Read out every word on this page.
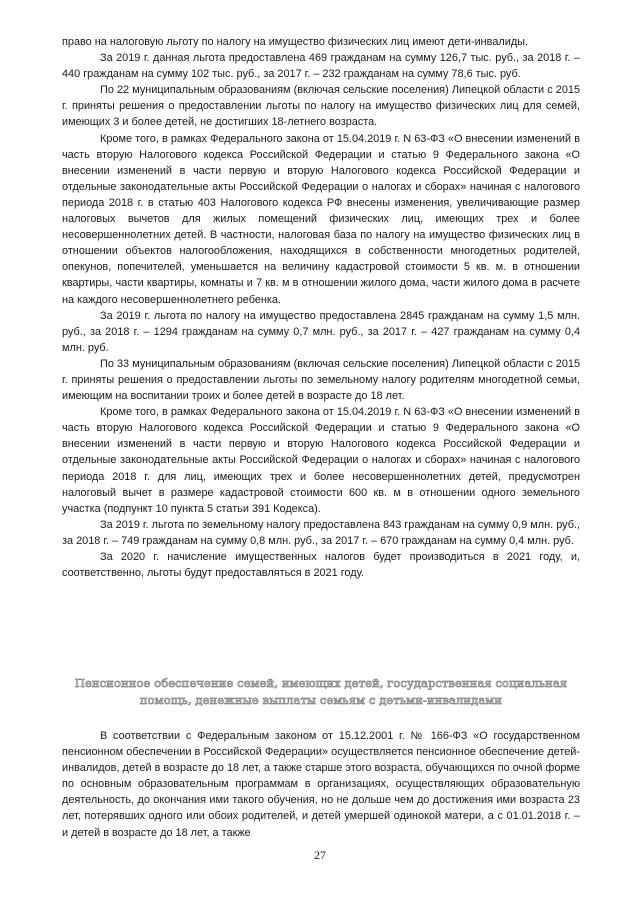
право на налоговую льготу по налогу на имущество физических лиц имеют дети-инвалиды.

За 2019 г. данная льгота предоставлена 469 гражданам на сумму 126,7 тыс. руб., за 2018 г. – 440 гражданам на сумму 102 тыс. руб., за 2017 г. – 232 гражданам на сумму 78,6 тыс. руб.

По 22 муниципальным образованиям (включая сельские поселения) Липецкой области с 2015 г. приняты решения о предоставлении льготы по налогу на имущество физических лиц для семей, имеющих 3 и более детей, не достигших 18-летнего возраста.

Кроме того, в рамках Федерального закона от 15.04.2019 г. N 63-ФЗ «О внесении изменений в часть вторую Налогового кодекса Российской Федерации и статью 9 Федерального закона «О внесении изменений в части первую и вторую Налогового кодекса Российской Федерации и отдельные законодательные акты Российской Федерации о налогах и сборах» начиная с налогового периода 2018 г. в статью 403 Налогового кодекса РФ внесены изменения, увеличивающие размер налоговых вычетов для жилых помещений физических лиц, имеющих трех и более несовершеннолетних детей. В частности, налоговая база по налогу на имущество физических лиц в отношении объектов налогообложения, находящихся в собственности многодетных родителей, опекунов, попечителей, уменьшается на величину кадастровой стоимости 5 кв. м. в отношении квартиры, части квартиры, комнаты и 7 кв. м в отношении жилого дома, части жилого дома в расчете на каждого несовершеннолетнего ребенка.

За 2019 г. льгота по налогу на имущество предоставлена 2845 гражданам на сумму 1,5 млн. руб., за 2018 г. – 1294 гражданам на сумму 0,7 млн. руб., за 2017 г. – 427 гражданам на сумму 0,4 млн. руб.

По 33 муниципальным образованиям (включая сельские поселения) Липецкой области с 2015 г. приняты решения о предоставлении льготы по земельному налогу родителям многодетной семьи, имеющим на воспитании троих и более детей в возрасте до 18 лет.

Кроме того, в рамках Федерального закона от 15.04.2019 г. N 63-ФЗ «О внесении изменений в часть вторую Налогового кодекса Российской Федерации и статью 9 Федерального закона «О внесении изменений в части первую и вторую Налогового кодекса Российской Федерации и отдельные законодательные акты Российской Федерации о налогах и сборах» начиная с налогового периода 2018 г. для лиц, имеющих трех и более несовершеннолетних детей, предусмотрен налоговый вычет в размере кадастровой стоимости 600 кв. м в отношении одного земельного участка (подпункт 10 пункта 5 статьи 391 Кодекса).

За 2019 г. льгота по земельному налогу предоставлена 843 гражданам на сумму 0,9 млн. руб., за 2018 г. – 749 гражданам на сумму 0,8 млн. руб., за 2017 г. – 670 гражданам на сумму 0,4 млн. руб.

За 2020 г. начисление имущественных налогов будет производиться в 2021 году, и, соответственно, льготы будут предоставляться в 2021 году.

Пенсионное обеспечение семей, имеющих детей, государственная социальная помощь, денежные выплаты семьям с детьми-инвалидами

В соответствии с Федеральным законом от 15.12.2001 г. № 166-ФЗ «О государственном пенсионном обеспечении в Российской Федерации» осуществляется пенсионное обеспечение детей-инвалидов, детей в возрасте до 18 лет, а также старше этого возраста, обучающихся по очной форме по основным образовательным программам в организациях, осуществляющих образовательную деятельность, до окончания ими такого обучения, но не дольше чем до достижения ими возраста 23 лет, потерявших одного или обоих родителей, и детей умершей одинокой матери, а с 01.01.2018 г. – и детей в возрасте до 18 лет, а также

27
